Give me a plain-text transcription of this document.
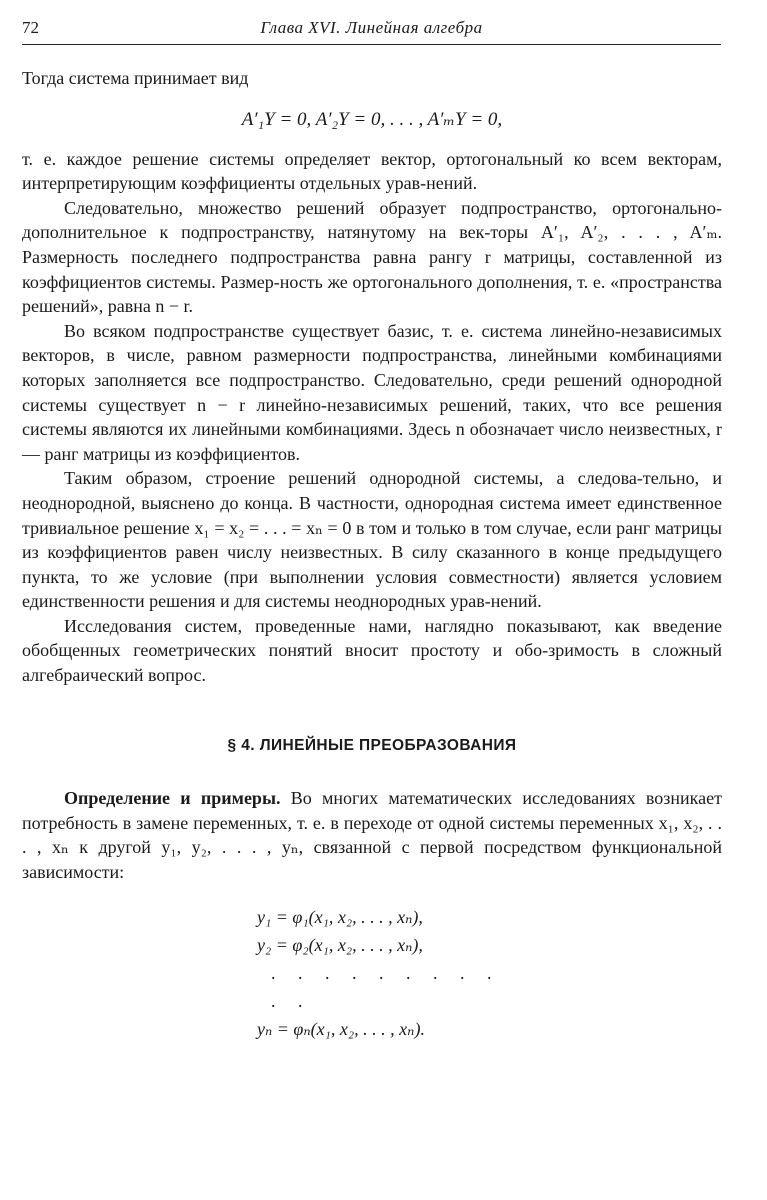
72	Глава XVI. Линейная алгебра

Тогда система принимает вид

A′₁Y = 0, A′₂Y = 0, . . . , A′ₘY = 0,

т. е. каждое решение системы определяет вектор, ортогональный ко всем векторам, интерпретирующим коэффициенты отдельных урав-нений.

Следовательно, множество решений образует подпространство, ортогонально-дополнительное к подпространству, натянутому на век-торы A′₁, A′₂, . . . , A′ₘ. Размерность последнего подпространства равна рангу r матрицы, составленной из коэффициентов системы. Размер-ность же ортогонального дополнения, т. е. «пространства решений», равна n − r.

Во всяком подпространстве существует базис, т. е. система линейно-независимых векторов, в числе, равном размерности подпространства, линейными комбинациями которых заполняется все подпространство. Следовательно, среди решений однородной системы существует n − r линейно-независимых решений, таких, что все решения системы являются их линейными комбинациями. Здесь n обозначает число неизвестных, r — ранг матрицы из коэффициентов.

Таким образом, строение решений однородной системы, а следова-тельно, и неоднородной, выяснено до конца. В частности, однородная система имеет единственное тривиальное решение x₁ = x₂ = . . . = xₙ = 0 в том и только в том случае, если ранг матрицы из коэффициентов равен числу неизвестных. В силу сказанного в конце предыдущего пункта, то же условие (при выполнении условия совместности) является условием единственности решения и для системы неоднородных урав-нений.

Исследования систем, проведенные нами, наглядно показывают, как введение обобщенных геометрических понятий вносит простоту и обо-зримость в сложный алгебраический вопрос.

§ 4. ЛИНЕЙНЫЕ ПРЕОБРАЗОВАНИЯ

Определение и примеры. Во многих математических исследованиях возникает потребность в замене переменных, т. е. в переходе от одной системы переменных x₁, x₂, . . . , xₙ к другой y₁, y₂, . . . , yₙ, связанной с первой посредством функциональной зависимости:

y₁ = φ₁(x₁, x₂, . . . , xₙ),
y₂ = φ₂(x₁, x₂, . . . , xₙ),
. . . . . . . . . . .
yₙ = φₙ(x₁, x₂, . . . , xₙ).
